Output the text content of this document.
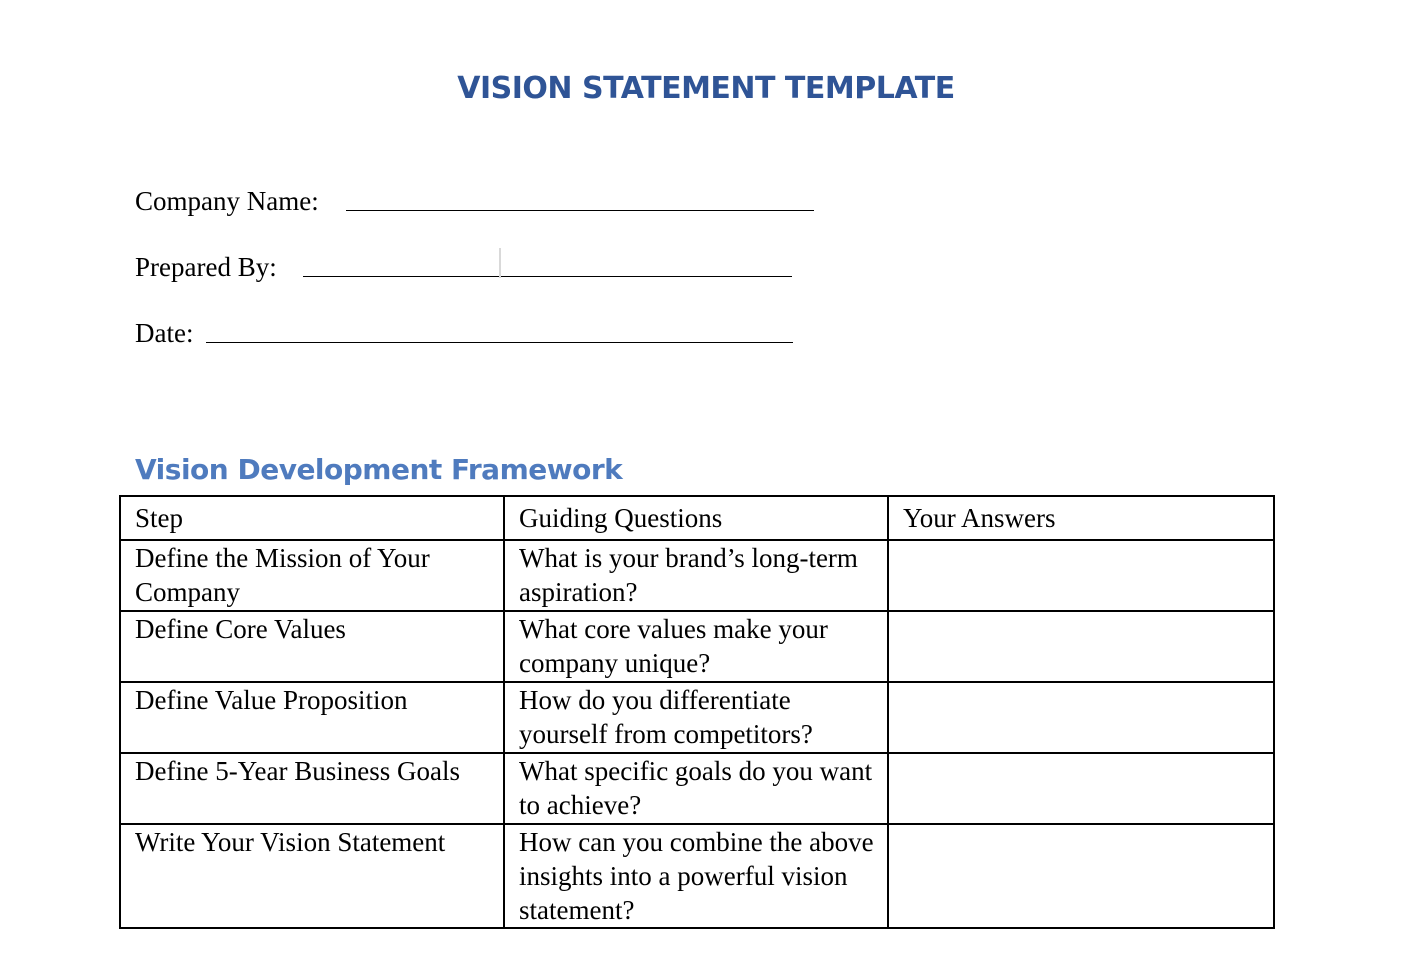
VISION STATEMENT TEMPLATE
Company Name:
Prepared By:
Date:
Vision Development Framework
Step	Guiding Questions	Your Answers
Define the Mission of Your Company	What is your brand’s long-term aspiration?	
Define Core Values	What core values make your company unique?	
Define Value Proposition	How do you differentiate yourself from competitors?	
Define 5-Year Business Goals	What specific goals do you want to achieve?	
Write Your Vision Statement	How can you combine the above insights into a powerful vision statement?	
